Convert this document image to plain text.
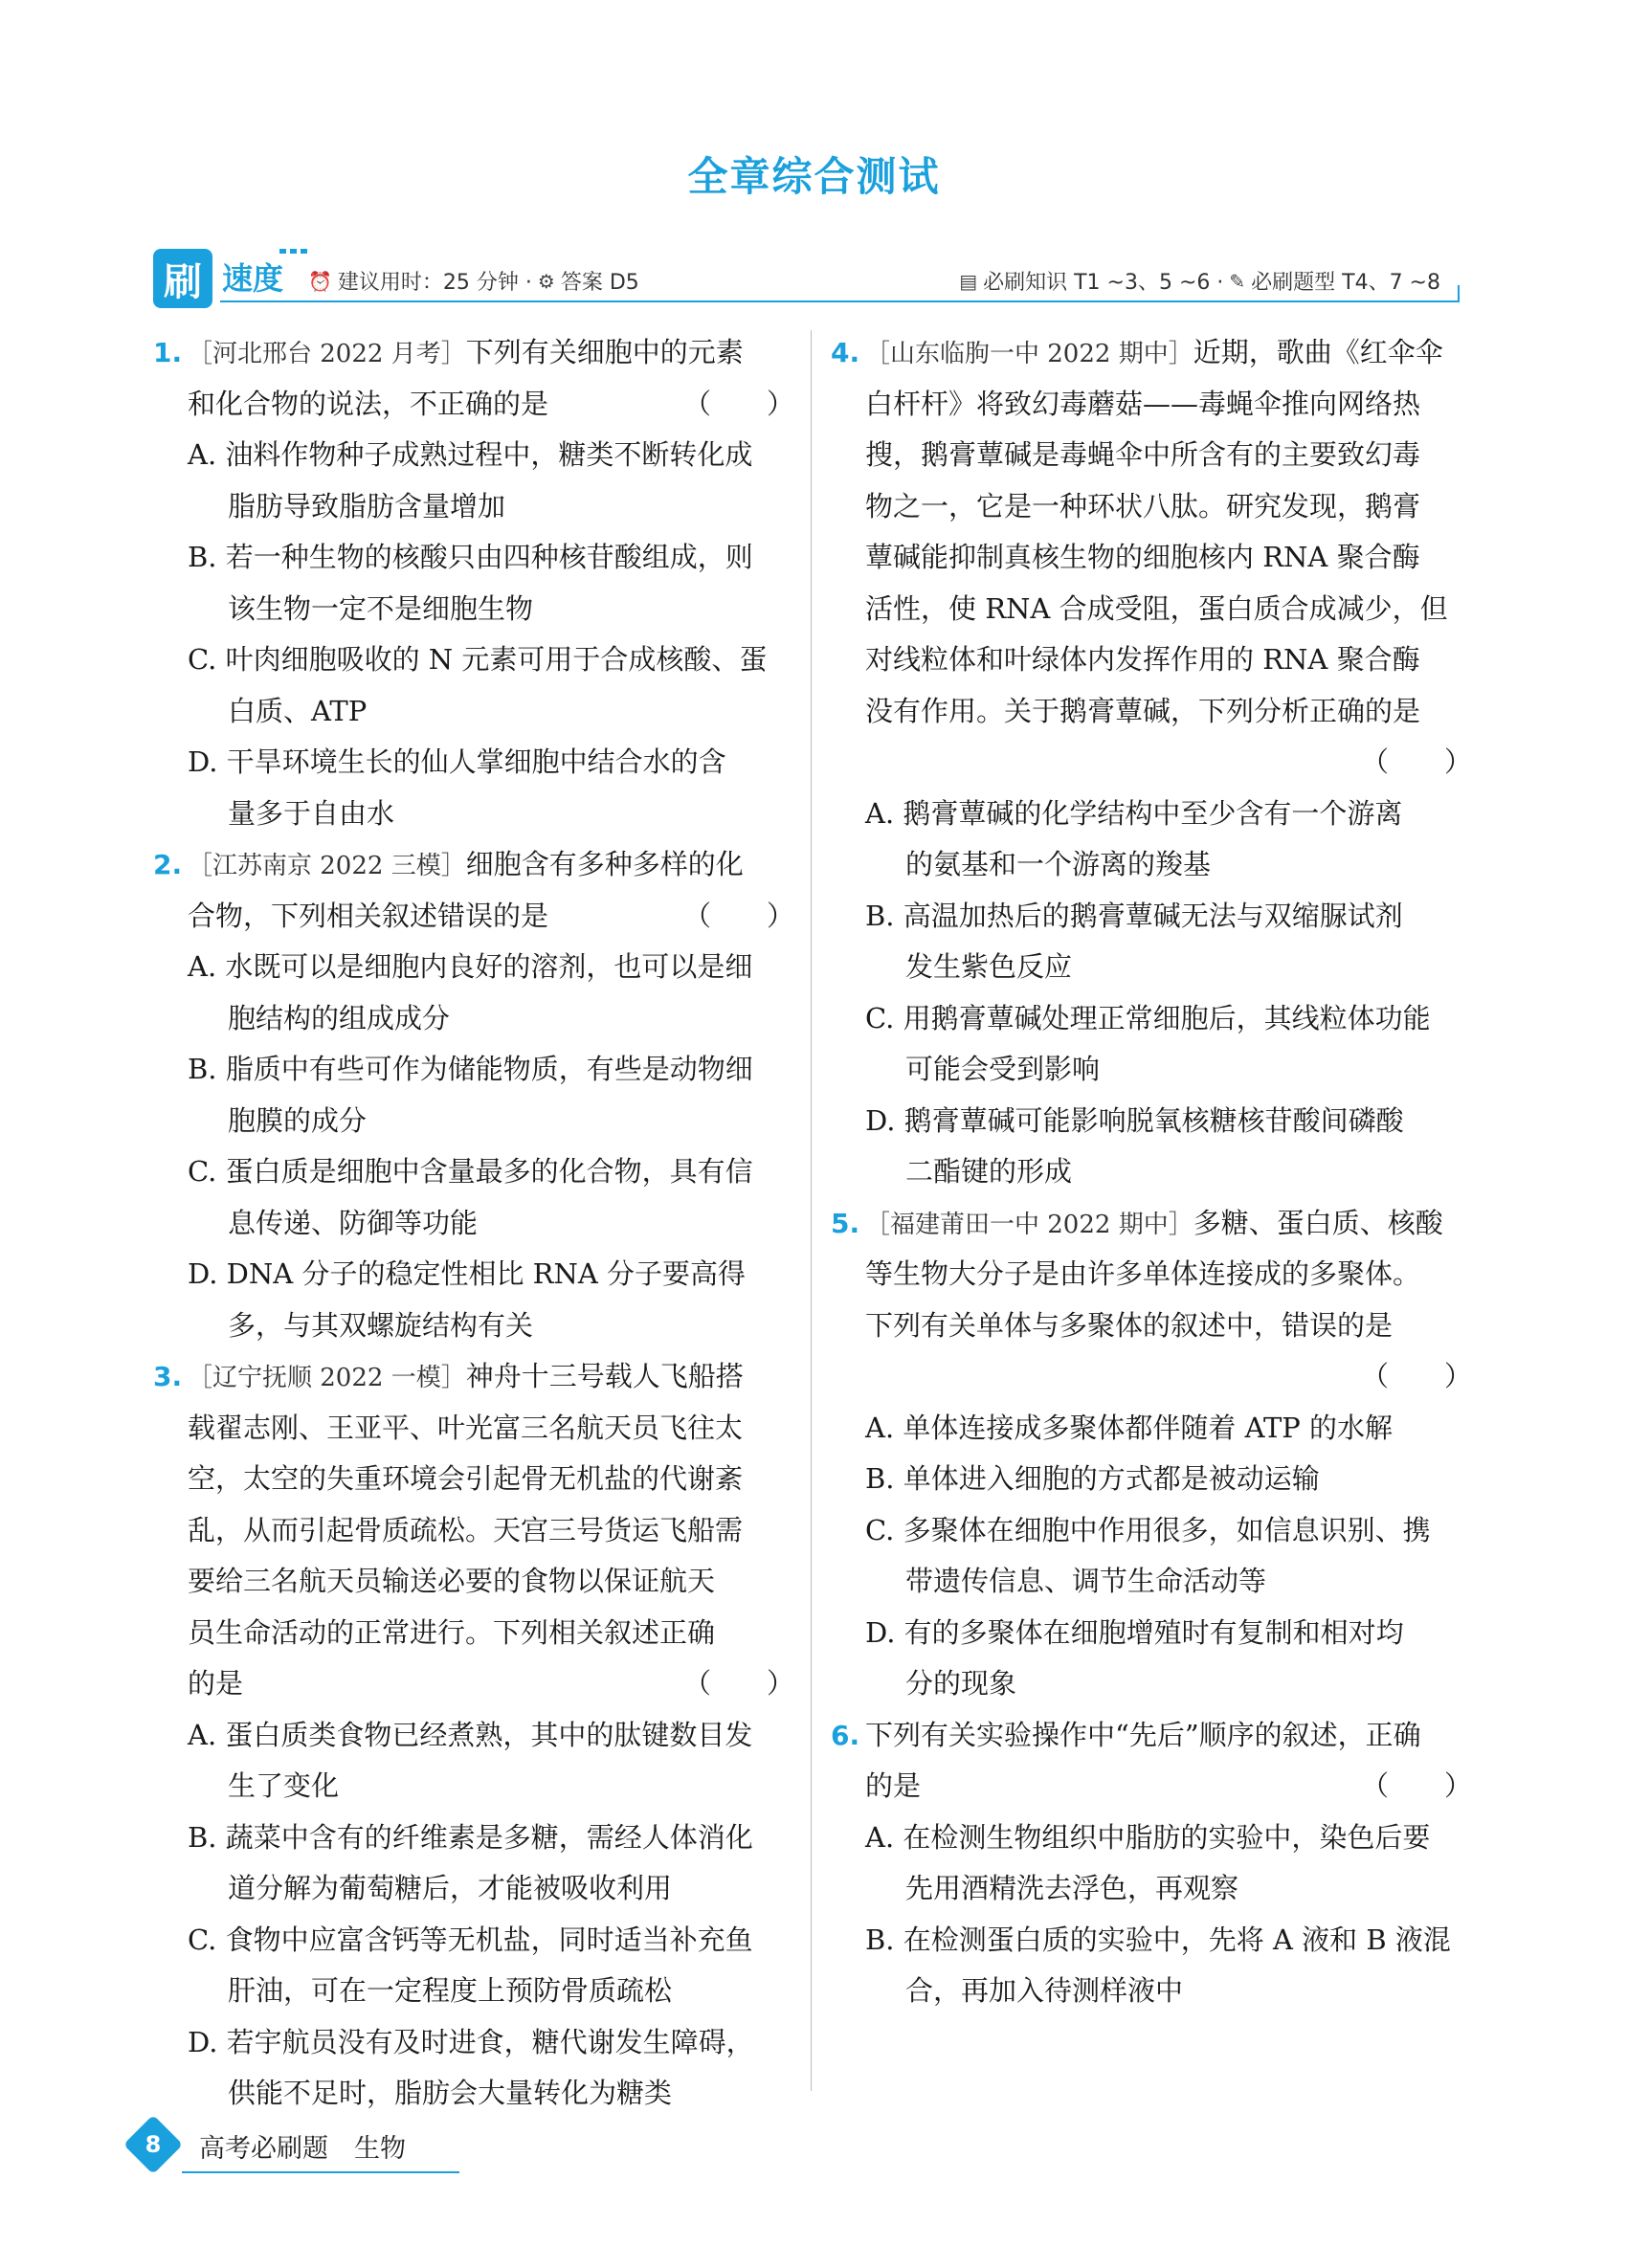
全章综合测试
刷 速度 ⏰ 建议用时：25 分钟 · ⚙ 答案 D5	▤ 必刷知识 T1 ~3、5 ~6 · ✎ 必刷题型 T4、7 ~8
1. ［河北邢台 2022 月考］下列有关细胞中的元素
和化合物的说法，不正确的是	（　　）
A. 油料作物种子成熟过程中，糖类不断转化成
脂肪导致脂肪含量增加
B. 若一种生物的核酸只由四种核苷酸组成，则
该生物一定不是细胞生物
C. 叶肉细胞吸收的 N 元素可用于合成核酸、蛋
白质、ATP
D. 干旱环境生长的仙人掌细胞中结合水的含
量多于自由水
2. ［江苏南京 2022 三模］细胞含有多种多样的化
合物，下列相关叙述错误的是	（　　）
A. 水既可以是细胞内良好的溶剂，也可以是细
胞结构的组成成分
B. 脂质中有些可作为储能物质，有些是动物细
胞膜的成分
C. 蛋白质是细胞中含量最多的化合物，具有信
息传递、防御等功能
D. DNA 分子的稳定性相比 RNA 分子要高得
多，与其双螺旋结构有关
3. ［辽宁抚顺 2022 一模］神舟十三号载人飞船搭
载翟志刚、王亚平、叶光富三名航天员飞往太
空，太空的失重环境会引起骨无机盐的代谢紊
乱，从而引起骨质疏松。天宫三号货运飞船需
要给三名航天员输送必要的食物以保证航天
员生命活动的正常进行。下列相关叙述正确
的是	（　　）
A. 蛋白质类食物已经煮熟，其中的肽键数目发
生了变化
B. 蔬菜中含有的纤维素是多糖，需经人体消化
道分解为葡萄糖后，才能被吸收利用
C. 食物中应富含钙等无机盐，同时适当补充鱼
肝油，可在一定程度上预防骨质疏松
D. 若宇航员没有及时进食，糖代谢发生障碍，
供能不足时，脂肪会大量转化为糖类
4. ［山东临朐一中 2022 期中］近期，歌曲《红伞伞
白杆杆》将致幻毒蘑菇——毒蝇伞推向网络热
搜，鹅膏蕈碱是毒蝇伞中所含有的主要致幻毒
物之一，它是一种环状八肽。研究发现，鹅膏
蕈碱能抑制真核生物的细胞核内 RNA 聚合酶
活性，使 RNA 合成受阻，蛋白质合成减少，但
对线粒体和叶绿体内发挥作用的 RNA 聚合酶
没有作用。关于鹅膏蕈碱，下列分析正确的是
（　　）
A. 鹅膏蕈碱的化学结构中至少含有一个游离
的氨基和一个游离的羧基
B. 高温加热后的鹅膏蕈碱无法与双缩脲试剂
发生紫色反应
C. 用鹅膏蕈碱处理正常细胞后，其线粒体功能
可能会受到影响
D. 鹅膏蕈碱可能影响脱氧核糖核苷酸间磷酸
二酯键的形成
5. ［福建莆田一中 2022 期中］多糖、蛋白质、核酸
等生物大分子是由许多单体连接成的多聚体。
下列有关单体与多聚体的叙述中，错误的是
（　　）
A. 单体连接成多聚体都伴随着 ATP 的水解
B. 单体进入细胞的方式都是被动运输
C. 多聚体在细胞中作用很多，如信息识别、携
带遗传信息、调节生命活动等
D. 有的多聚体在细胞增殖时有复制和相对均
分的现象
6. 下列有关实验操作中“先后”顺序的叙述，正确
的是	（　　）
A. 在检测生物组织中脂肪的实验中，染色后要
先用酒精洗去浮色，再观察
B. 在检测蛋白质的实验中，先将 A 液和 B 液混
合，再加入待测样液中
8	高考必刷题　生物
